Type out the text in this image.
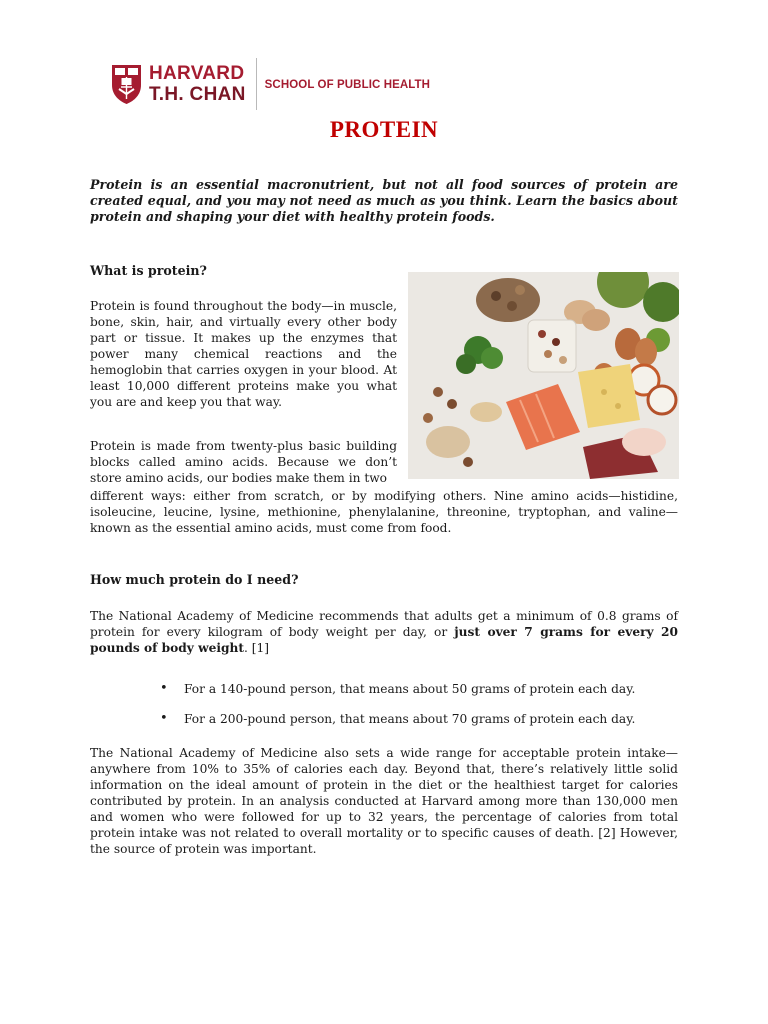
HARVARD
T.H. CHAN SCHOOL OF PUBLIC HEALTH
PROTEIN

Protein is an essential macronutrient, but not all food sources of protein are created equal, and you may not need as much as you think. Learn the basics about protein and shaping your diet with healthy protein foods.

What is protein?

Protein is found throughout the body—in muscle, bone, skin, hair, and virtually every other body part or tissue. It makes up the enzymes that power many chemical reactions and the hemoglobin that carries oxygen in your blood. At least 10,000 different proteins make you what you are and keep you that way.

Protein is made from twenty-plus basic building blocks called amino acids. Because we don’t store amino acids, our bodies make them in two

different ways: either from scratch, or by modifying others. Nine amino acids—histidine, isoleucine, leucine, lysine, methionine, phenylalanine, threonine, tryptophan, and valine—known as the essential amino acids, must come from food.

How much protein do I need?

The National Academy of Medicine recommends that adults get a minimum of 0.8 grams of protein for every kilogram of body weight per day, or just over 7 grams for every 20 pounds of body weight. [1]

• For a 140-pound person, that means about 50 grams of protein each day.
• For a 200-pound person, that means about 70 grams of protein each day.

The National Academy of Medicine also sets a wide range for acceptable protein intake—anywhere from 10% to 35% of calories each day. Beyond that, there’s relatively little solid information on the ideal amount of protein in the diet or the healthiest target for calories contributed by protein. In an analysis conducted at Harvard among more than 130,000 men and women who were followed for up to 32 years, the percentage of calories from total protein intake was not related to overall mortality or to specific causes of death. [2] However, the source of protein was important.
